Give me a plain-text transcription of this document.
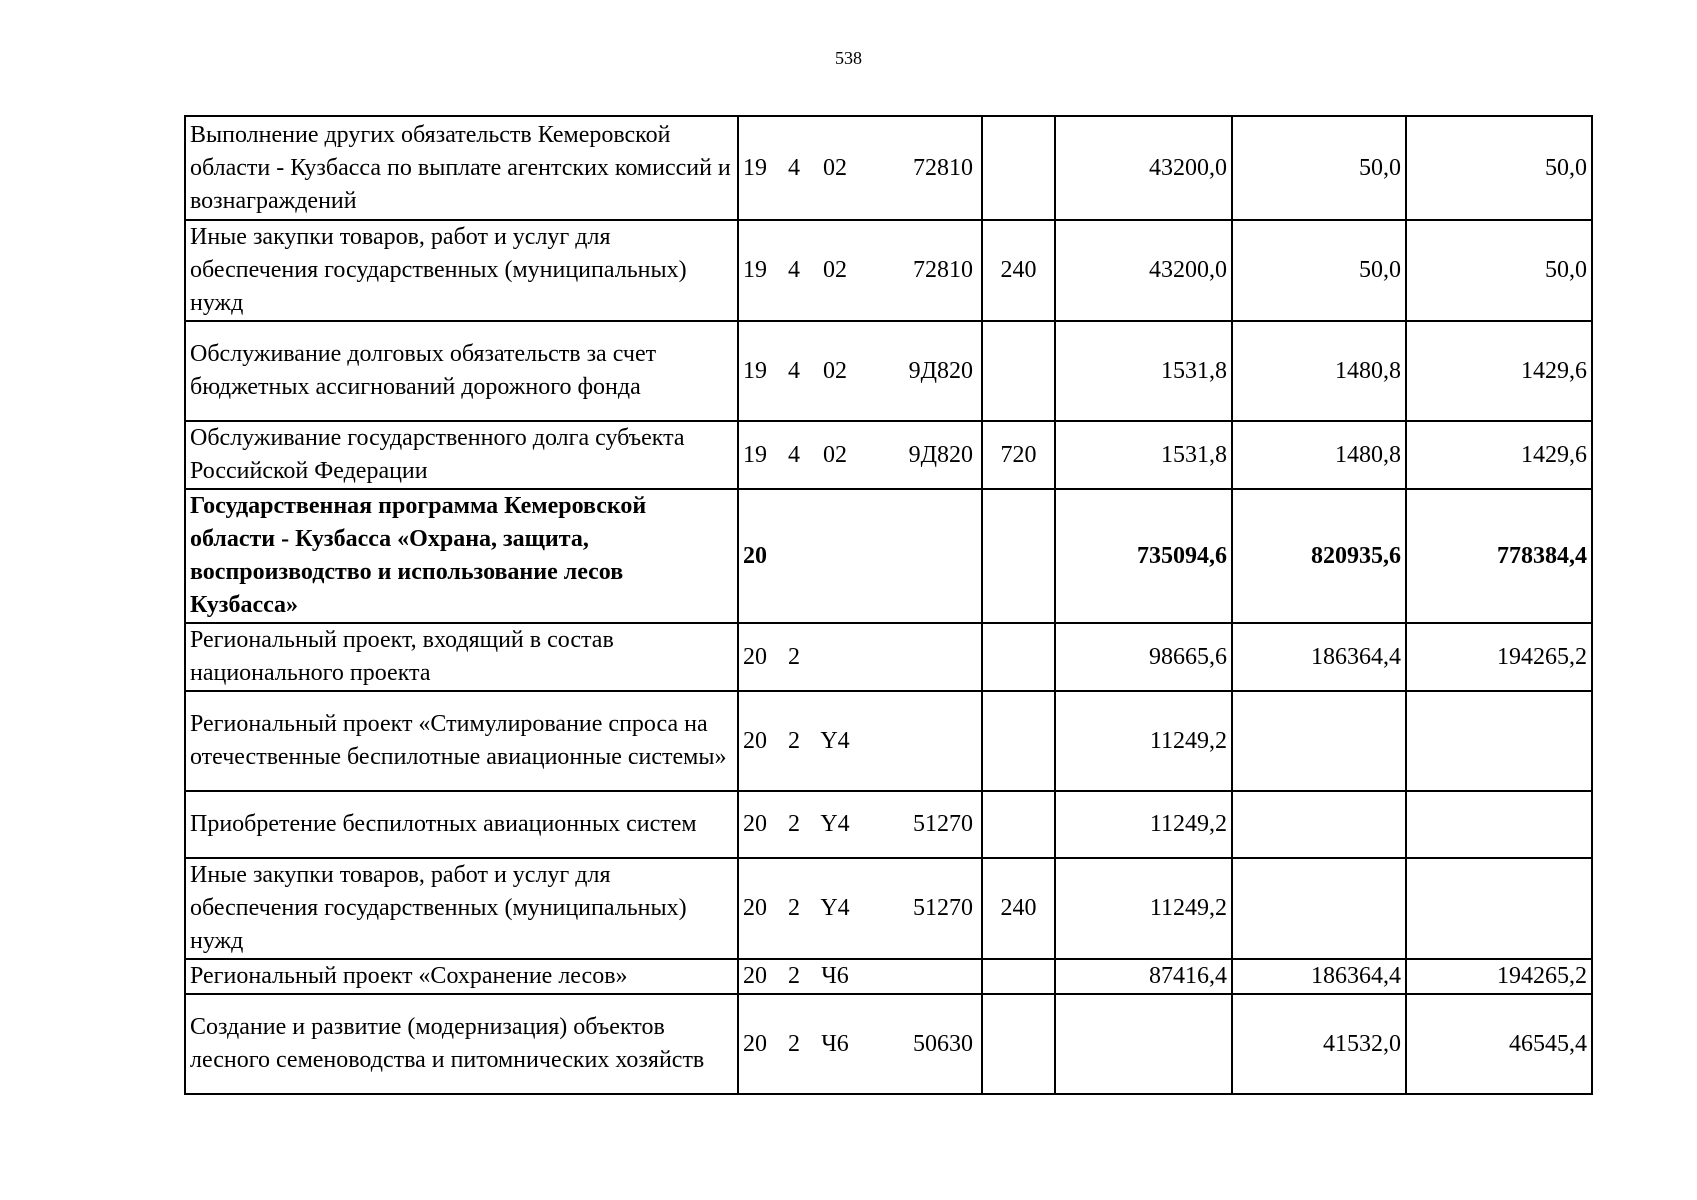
538
Выполнение других обязательств Кемеровской области - Кузбасса по выплате агентских комиссий и вознаграждений	19 4 02 72810		43200,0	50,0	50,0
Иные закупки товаров, работ и услуг для обеспечения государственных (муниципальных) нужд	19 4 02 72810	240	43200,0	50,0	50,0
Обслуживание долговых обязательств за счет бюджетных ассигнований дорожного фонда	19 4 02 9Д820		1531,8	1480,8	1429,6
Обслуживание государственного долга субъекта Российской Федерации	19 4 02 9Д820	720	1531,8	1480,8	1429,6
Государственная программа Кемеровской области - Кузбасса «Охрана, защита, воспроизводство и использование лесов Кузбасса»	20		735094,6	820935,6	778384,4
Региональный проект, входящий в состав национального проекта	20 2		98665,6	186364,4	194265,2
Региональный проект «Стимулирование спроса на отечественные беспилотные авиационные системы»	20 2 Y4		11249,2		
Приобретение беспилотных авиационных систем	20 2 Y4 51270		11249,2		
Иные закупки товаров, работ и услуг для обеспечения государственных (муниципальных) нужд	20 2 Y4 51270	240	11249,2		
Региональный проект «Сохранение лесов»	20 2 Ч6		87416,4	186364,4	194265,2
Создание и развитие (модернизация) объектов лесного семеноводства и питомнических хозяйств	20 2 Ч6 50630			41532,0	46545,4
